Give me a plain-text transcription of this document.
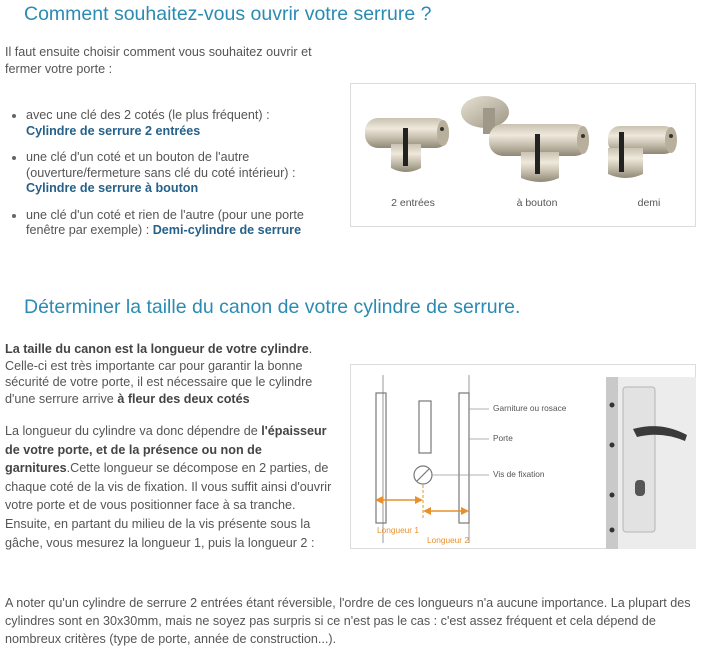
Comment souhaitez-vous ouvrir votre serrure ?
Il faut ensuite choisir comment vous souhaitez ouvrir et fermer votre porte :
avec une clé des 2 cotés (le plus fréquent) :
Cylindre de serrure 2 entrées
une clé d'un coté et un bouton de l'autre (ouverture/fermeture sans clé du coté intérieur) :
Cylindre de serrure à bouton
une clé d'un coté et rien de l'autre (pour une porte fenêtre par exemple) : Demi-cylindre de serrure
2 entrées	à bouton	demi
Déterminer la taille du canon de votre cylindre de serrure.
La taille du canon est la longueur de votre cylindre. Celle-ci est très importante car pour garantir la bonne sécurité de votre porte, il est nécessaire que le cylindre d'une serrure arrive à fleur des deux cotés
La longueur du cylindre va donc dépendre de l'épaisseur de votre porte, et de la présence ou non de garnitures.Cette longueur se décompose en 2 parties, de chaque coté de la vis de fixation. Il vous suffit ainsi d'ouvrir votre porte et de vous positionner face à sa tranche. Ensuite, en partant du milieu de la vis présente sous la gâche, vous mesurez la longueur 1, puis la longueur 2 :
Garniture ou rosace
Porte
Vis de fixation
Longueur 1
Longueur 2
A noter qu'un cylindre de serrure 2 entrées étant réversible, l'ordre de ces longueurs n'a aucune importance. La plupart des cylindres sont en 30x30mm, mais ne soyez pas surpris si ce n'est pas le cas : c'est assez fréquent et cela dépend de nombreux critères (type de porte, année de construction...).
